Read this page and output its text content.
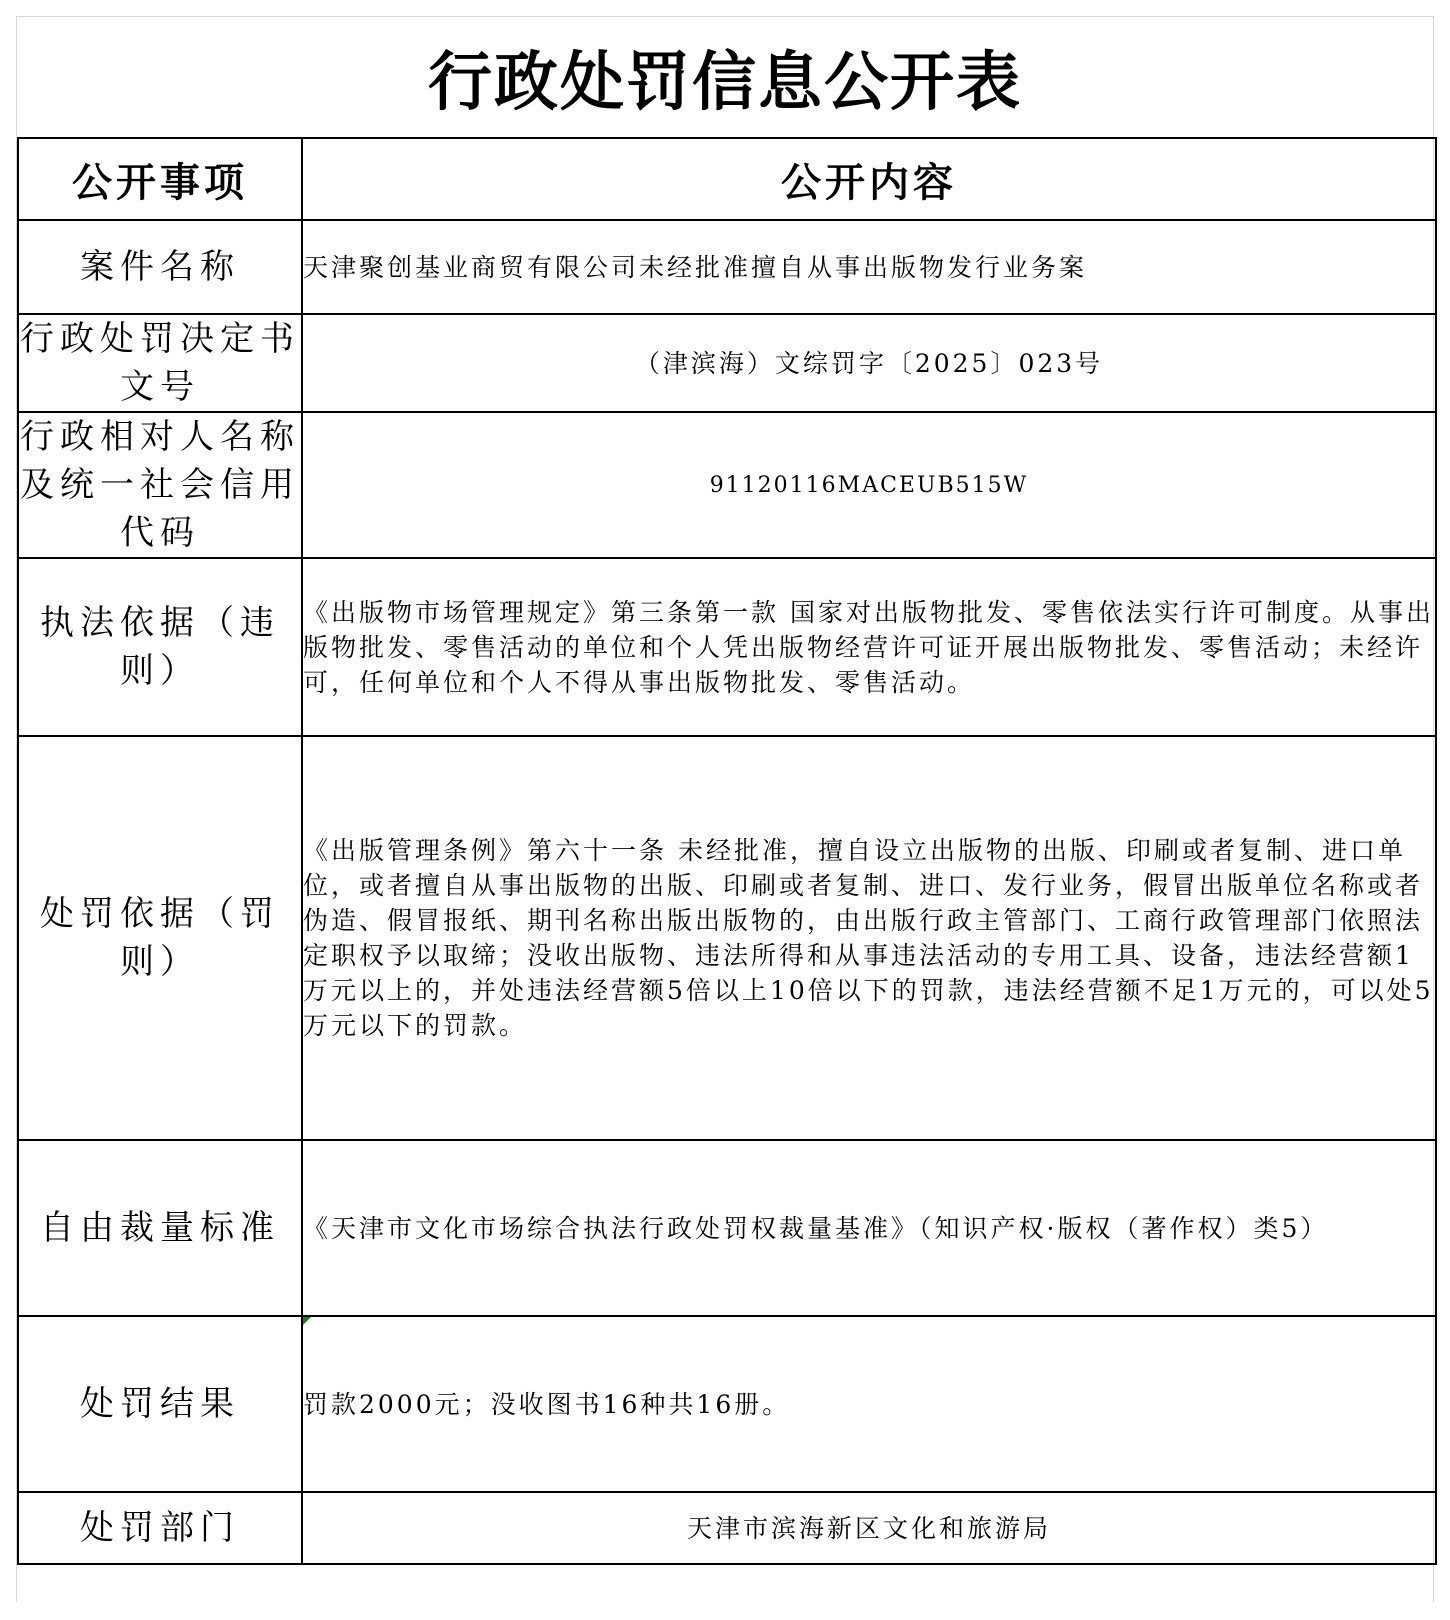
行政处罚信息公开表
公开事项	公开内容
案件名称	天津聚创基业商贸有限公司未经批准擅自从事出版物发行业务案
行政处罚决定书文号	（津滨海）文综罚字〔2025〕023号
行政相对人名称及统一社会信用代码	91120116MACEUB515W
执法依据（违则）	《出版物市场管理规定》第三条第一款 国家对出版物批发、零售依法实行许可制度。从事出版物批发、零售活动的单位和个人凭出版物经营许可证开展出版物批发、零售活动；未经许可，任何单位和个人不得从事出版物批发、零售活动。
处罚依据（罚则）	《出版管理条例》第六十一条 未经批准，擅自设立出版物的出版、印刷或者复制、进口单位，或者擅自从事出版物的出版、印刷或者复制、进口、发行业务，假冒出版单位名称或者伪造、假冒报纸、期刊名称出版出版物的，由出版行政主管部门、工商行政管理部门依照法定职权予以取缔；没收出版物、违法所得和从事违法活动的专用工具、设备，违法经营额1万元以上的，并处违法经营额5倍以上10倍以下的罚款，违法经营额不足1万元的，可以处5万元以下的罚款。
自由裁量标准	《天津市文化市场综合执法行政处罚权裁量基准》（知识产权·版权（著作权）类5）
处罚结果	罚款2000元；没收图书16种共16册。
处罚部门	天津市滨海新区文化和旅游局
